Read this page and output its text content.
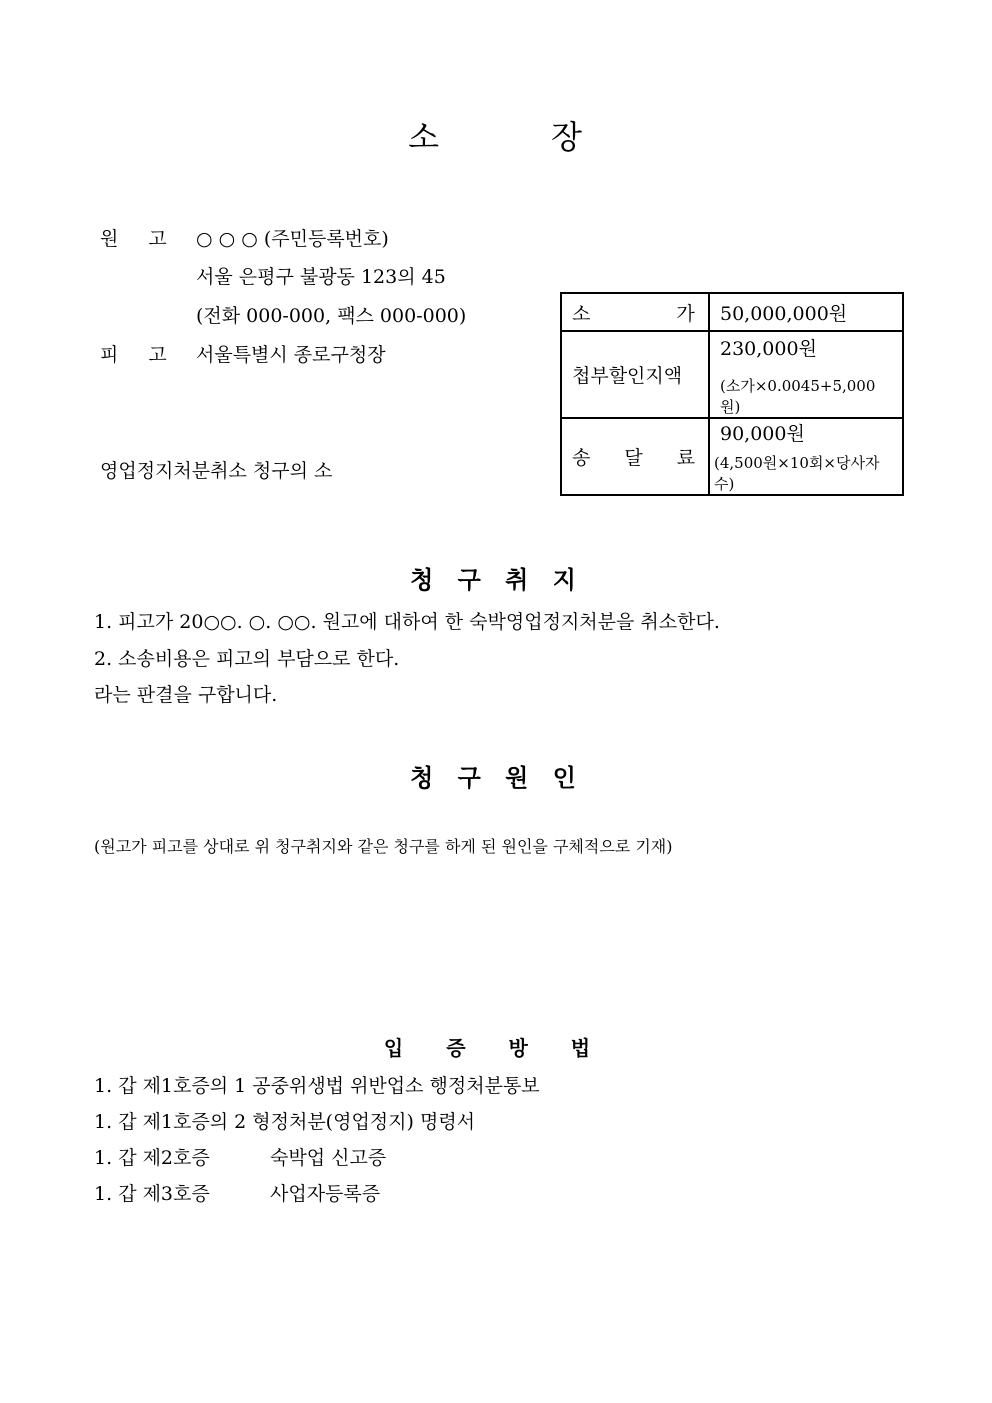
소	장
원 고 ○ ○ ○ (주민등록번호)
서울 은평구 불광동 123의 45
(전화 000-000, 팩스 000-000)
피 고 서울특별시 종로구청장
영업정지처분취소 청구의 소
소 가	50,000,000원
첩부할인지액	230,000원
(소가×0.0045+5,000원)

송 달 료	90,000원
(4,500원×10회×당사자수)
청 구 취 지
1. 피고가 20○○. ○. ○○. 원고에 대하여 한 숙박영업정지처분을 취소한다.
2. 소송비용은 피고의 부담으로 한다.
라는 판결을 구합니다.
청 구 원 인
(원고가 피고를 상대로 위 청구취지와 같은 청구를 하게 된 원인을 구체적으로 기재)
입 증 방 법
1. 갑 제1호증의 1 공중위생법 위반업소 행정처분통보
1. 갑 제1호증의 2 형정처분(영업정지) 명령서
1. 갑 제2호증	숙박업 신고증
1. 갑 제3호증	사업자등록증
